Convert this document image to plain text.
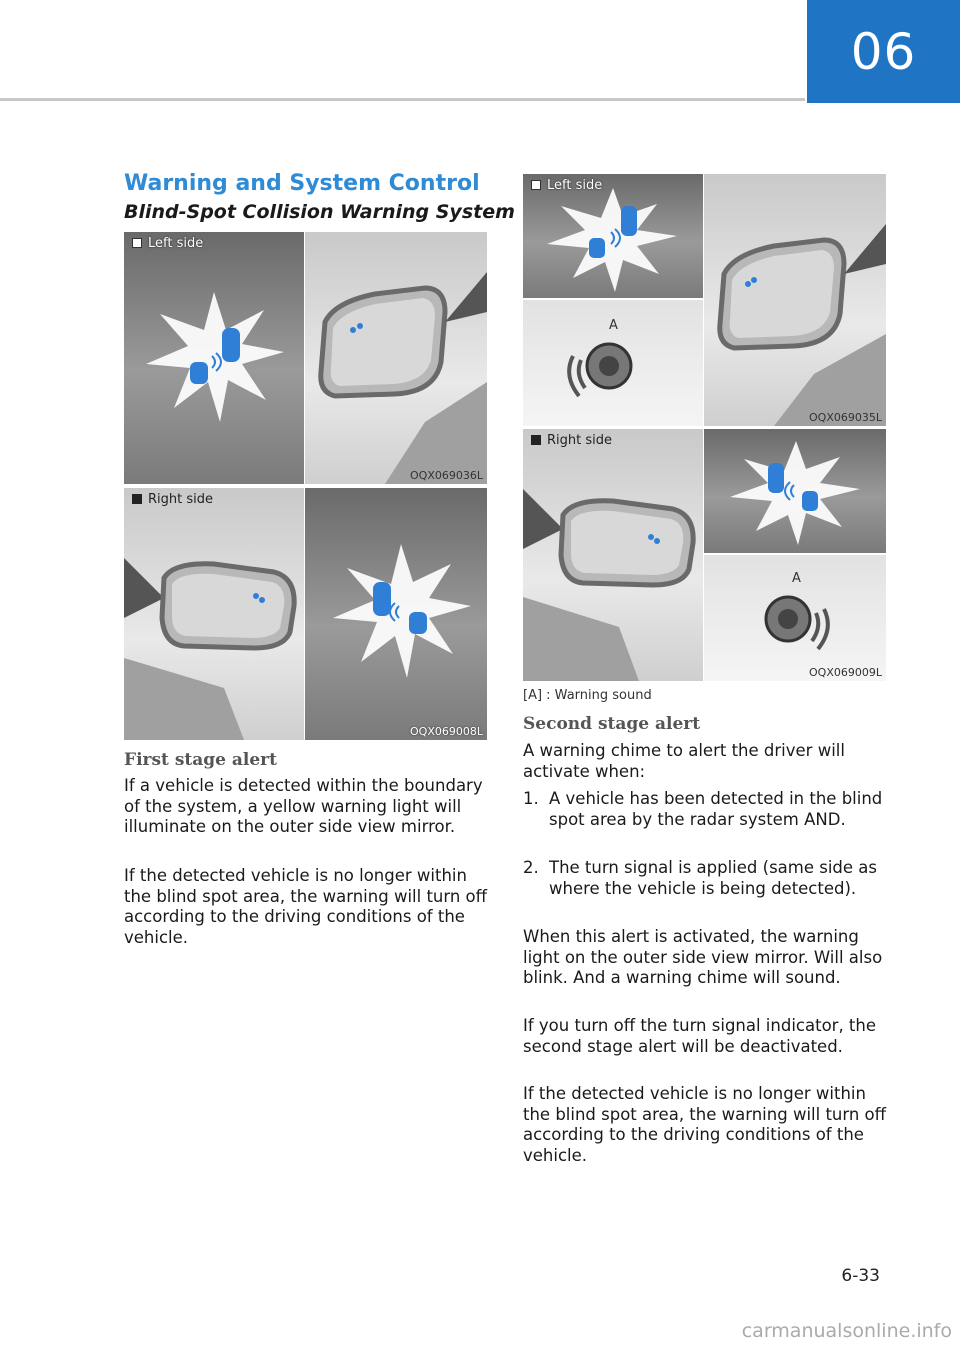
06
Warning and System Control
Blind-Spot Collision Warning System
Left side
OQX069036L
Right side
OQX069008L
First stage alert

If a vehicle is detected within the boundary of the system, a yellow warning light will illuminate on the outer side view mirror.

If the detected vehicle is no longer within the blind spot area, the warning will turn off according to the driving conditions of the vehicle.

A
Left side
OQX069035L
A
Right side
OQX069009L

[A] : Warning sound

Second stage alert

A warning chime to alert the driver will activate when:

1. A vehicle has been detected in the blind spot area by the radar system AND.
2. The turn signal is applied (same side as where the vehicle is being detected).

When this alert is activated, the warning light on the outer side view mirror. Will also blink. And a warning chime will sound.

If you turn off the turn signal indicator, the second stage alert will be deactivated.

If the detected vehicle is no longer within the blind spot area, the warning will turn off according to the driving conditions of the vehicle.

6-33

carmanualsonline.info
